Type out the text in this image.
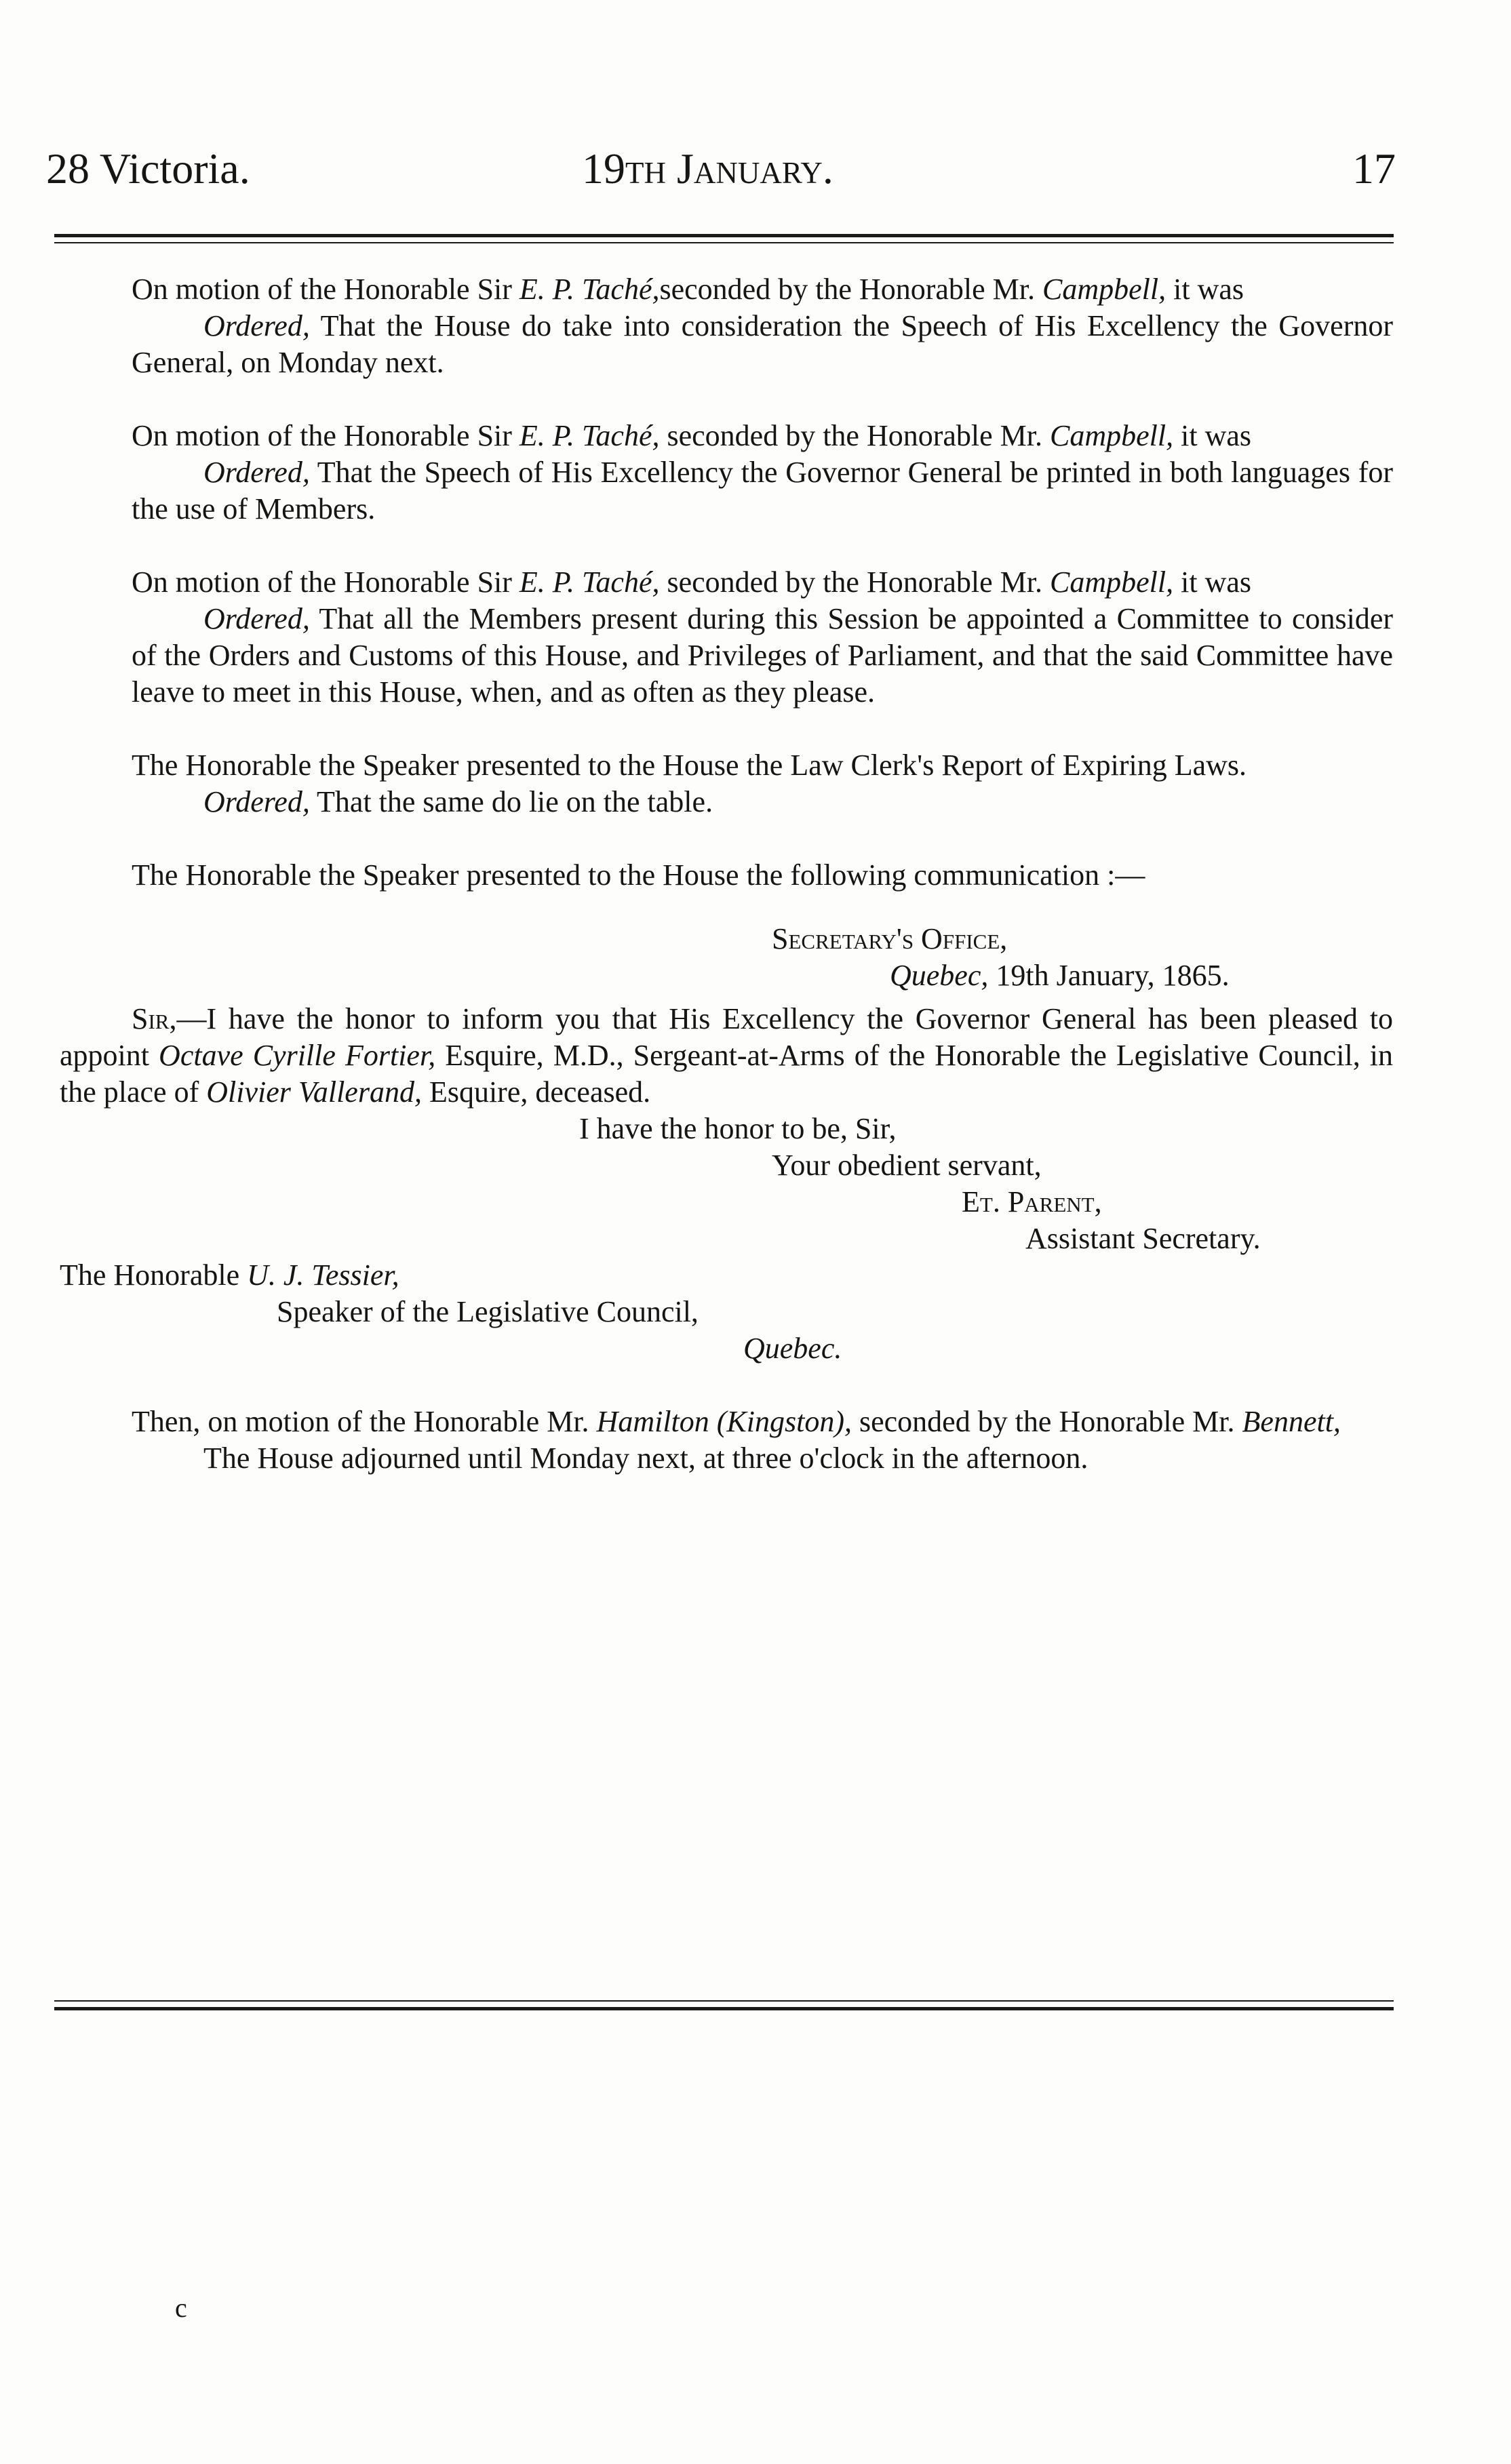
28 Victoria.	19th January.	17

On motion of the Honorable Sir E. P. Taché,seconded by the Honorable Mr. Campbell, it was
Ordered, That the House do take into consideration the Speech of His Excellency the Governor General, on Monday next.

On motion of the Honorable Sir E. P. Taché, seconded by the Honorable Mr. Campbell, it was
Ordered, That the Speech of His Excellency the Governor General be printed in both languages for the use of Members.

On motion of the Honorable Sir E. P. Taché, seconded by the Honorable Mr. Campbell, it was
Ordered, That all the Members present during this Session be appointed a Committee to consider of the Orders and Customs of this House, and Privileges of Parliament, and that the said Committee have leave to meet in this House, when, and as often as they please.

The Honorable the Speaker presented to the House the Law Clerk's Report of Expiring Laws.
Ordered, That the same do lie on the table.

The Honorable the Speaker presented to the House the following communication :—

Secretary's Office,
Quebec, 19th January, 1865.

Sir,—I have the honor to inform you that His Excellency the Governor General has been pleased to appoint Octave Cyrille Fortier, Esquire, M.D., Sergeant-at-Arms of the Honorable the Legislative Council, in the place of Olivier Vallerand, Esquire, deceased.

I have the honor to be, Sir,
Your obedient servant,
Et. Parent,
Assistant Secretary.
The Honorable U. J. Tessier,
Speaker of the Legislative Council,
Quebec.

Then, on motion of the Honorable Mr. Hamilton (Kingston), seconded by the Honorable Mr. Bennett,
The House adjourned until Monday next, at three o'clock in the afternoon.

c
